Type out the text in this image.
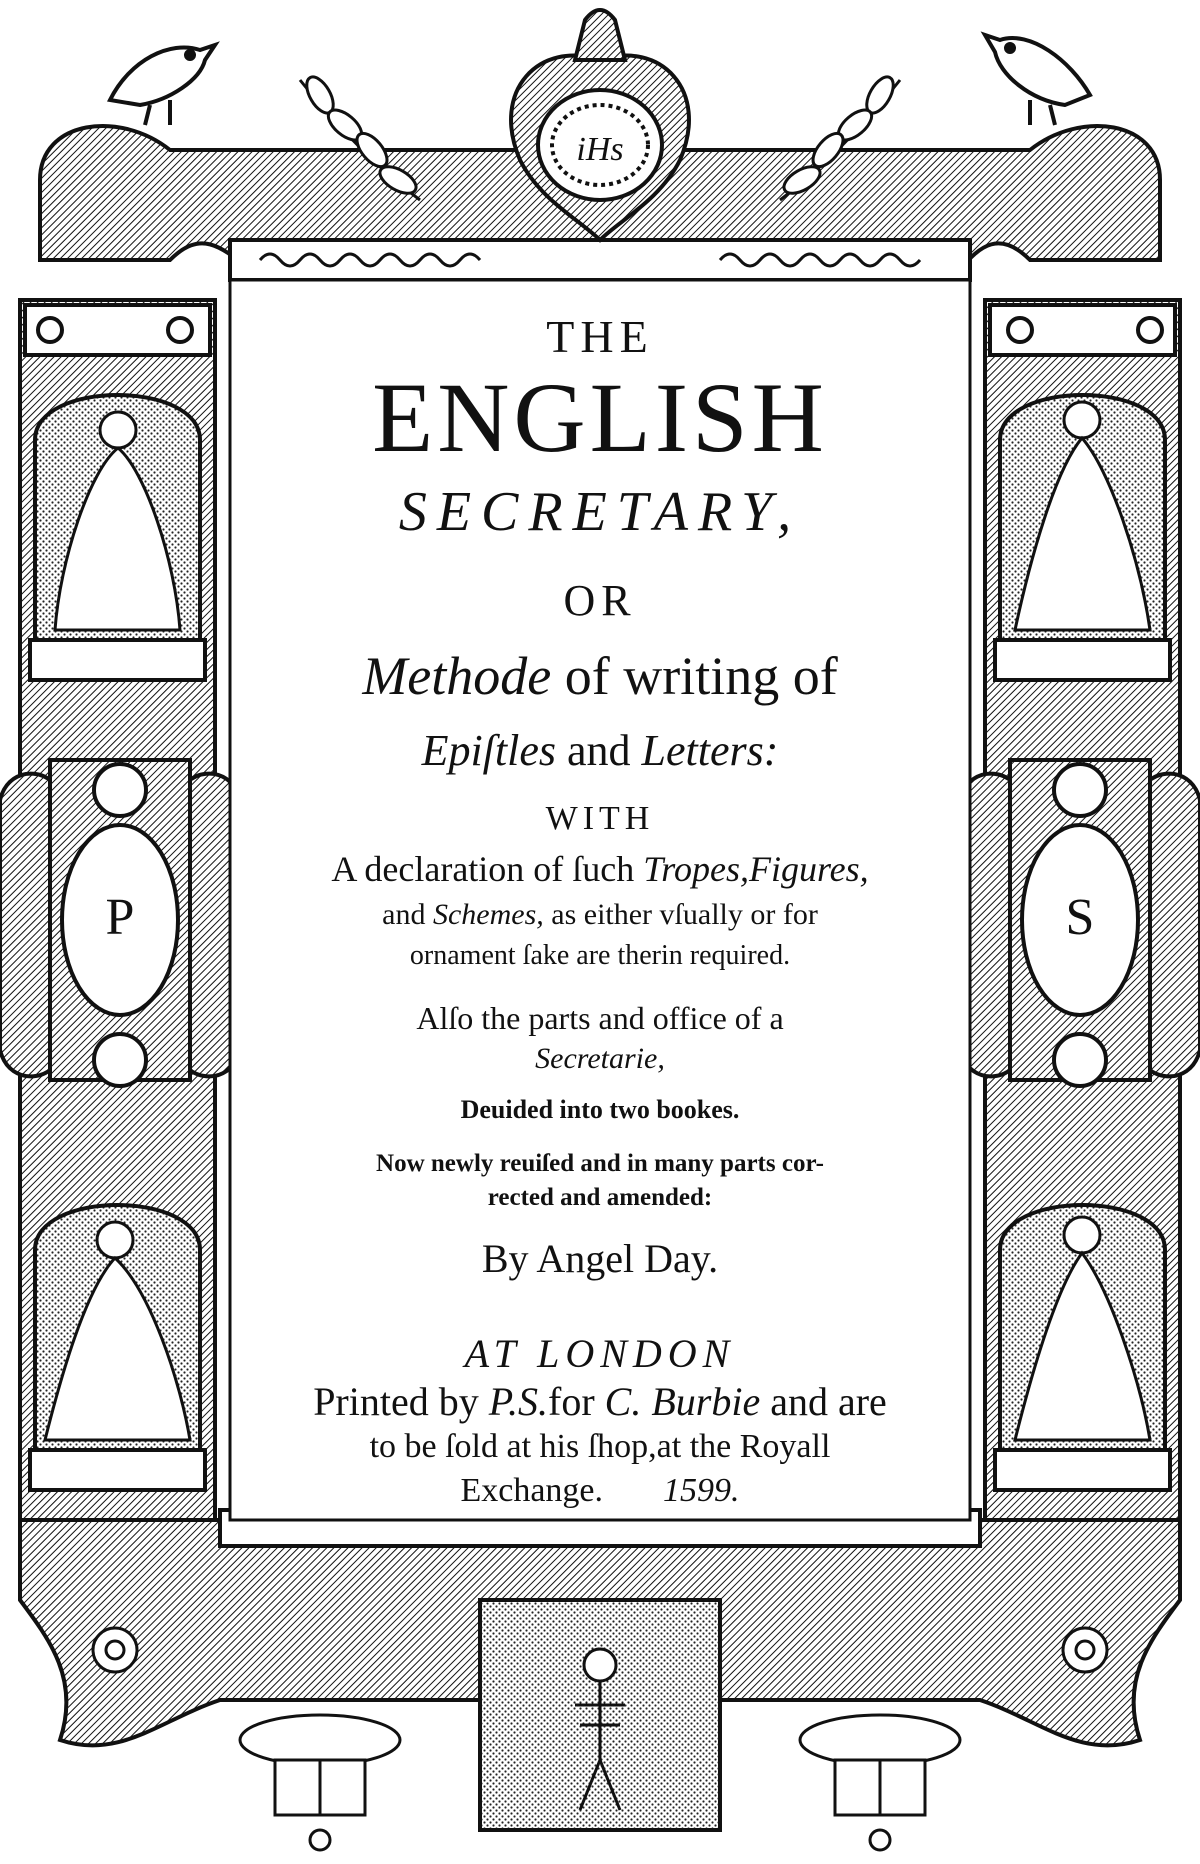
iHs
P	S
THE
ENGLISH
SECRETARY,
OR
Methode of writing of
Epiſtles and Letters:
WITH
A declaration of ſuch Tropes,Figures,
and Schemes, as either vſually or for
ornament ſake are therin required.
Alſo the parts and office of a
Secretarie,
Deuided into two bookes.
Now newly reuiſed and in many parts cor-
rected and amended:
By Angel Day.
AT LONDON
Printed by P.S.for C. Burbie and are
to be ſold at his ſhop,at the Royall
Exchange. 1599.
